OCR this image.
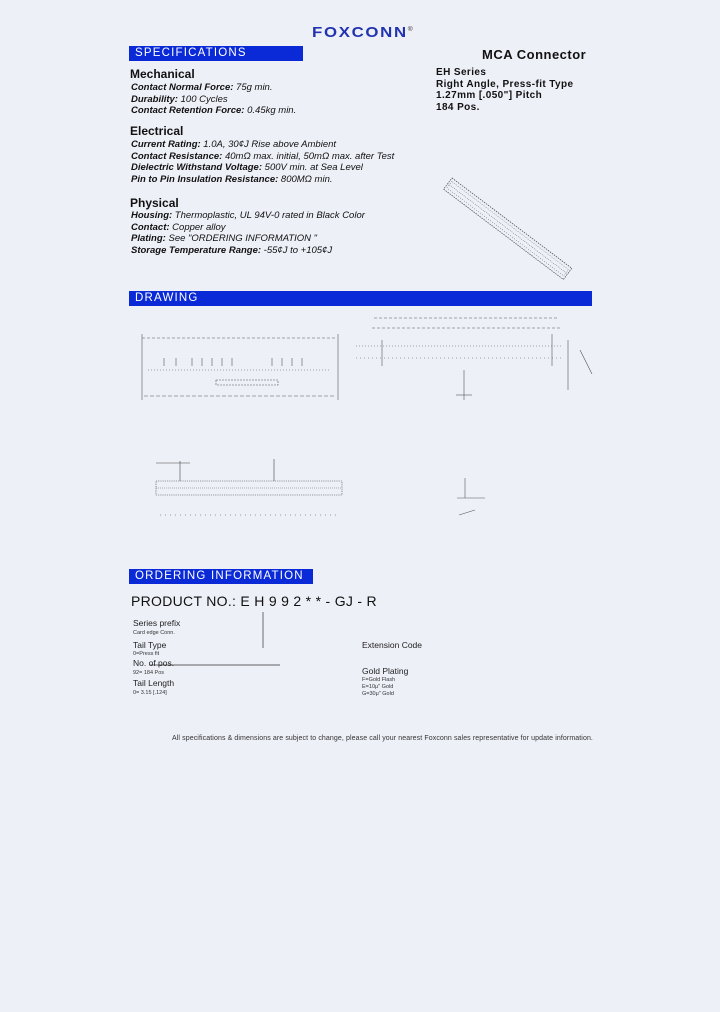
FOXCONN®
SPECIFICATIONS	MCA Connector
EH Series
Right Angle, Press-fit Type
1.27mm [.050"] Pitch
184 Pos.
Mechanical
Contact Normal Force: 75g min.
Durability: 100 Cycles
Contact Retention Force: 0.45kg min.
Electrical
Current Rating: 1.0A, 30¢J Rise above Ambient
Contact Resistance: 40mΩ max. initial, 50mΩ max. after Test
Dielectric Withstand Voltage: 500V min. at Sea Level
Pin to Pin Insulation Resistance: 800MΩ min.
Physical
Housing: Thermoplastic, UL 94V-0 rated in Black Color
Contact: Copper alloy
Plating: See "ORDERING INFORMATION "
Storage Temperature Range: -55¢J to +105¢J
DRAWING
ORDERING INFORMATION
PRODUCT NO.: E H 9 9 2 * * - GJ - R
Series prefix
Card edge Conn.
Tail Type
0=Press fit
No. of pos.
92= 184 Pos
Tail Length
0= 3.15 [.124]
Extension Code
Gold Plating
F=Gold Flash
E=10μ" Gold
G=30μ" Gold
All specifications & dimensions are subject to change, please call your nearest Foxconn sales representative for update information.
